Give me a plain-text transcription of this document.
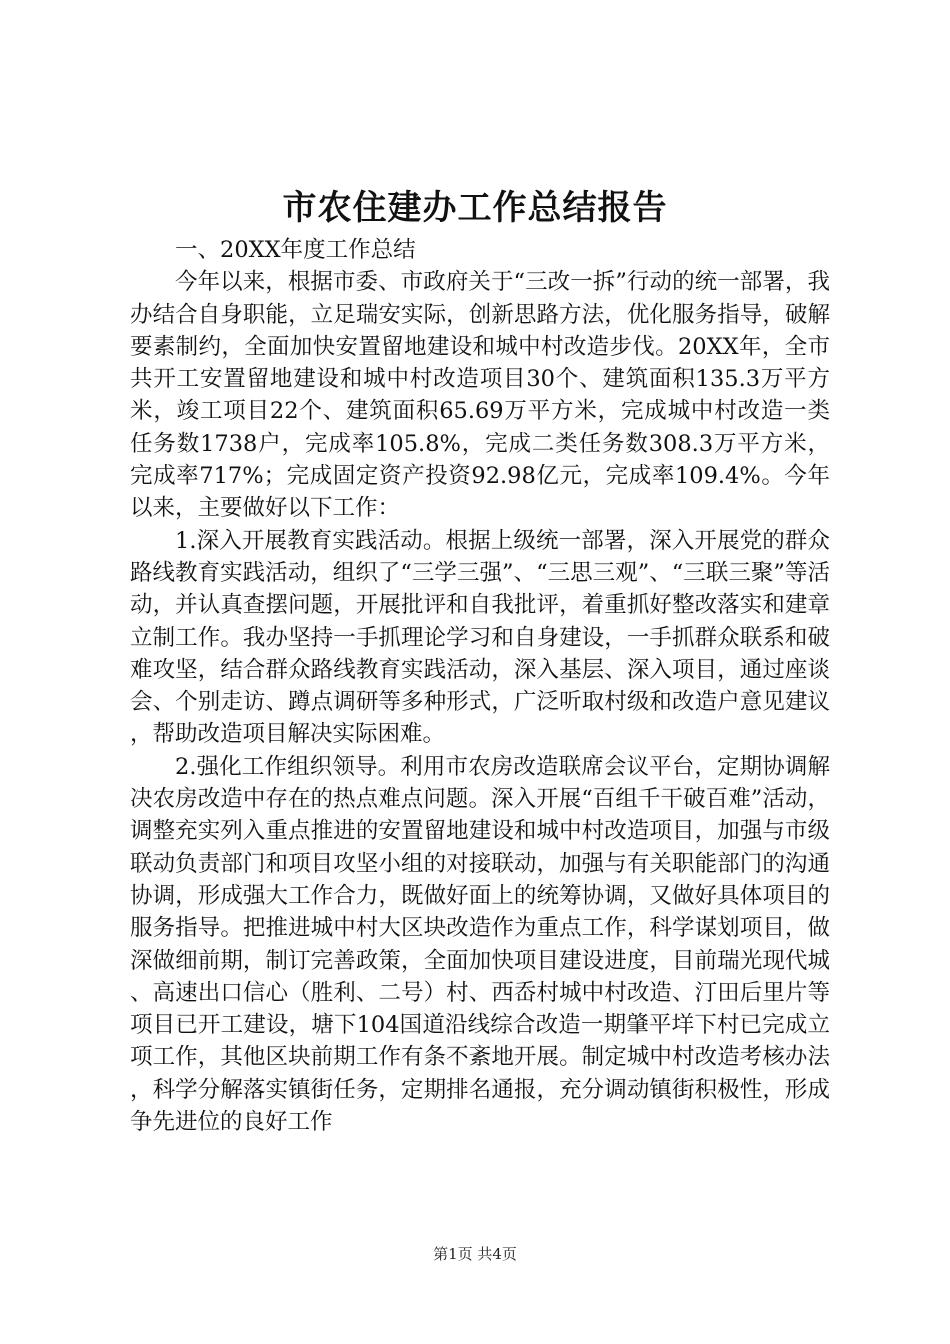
市农住建办工作总结报告

一、20XX年度工作总结

今年以来，根据市委、市政府关于“三改一拆”行动的统一部署，我办结合自身职能，立足瑞安实际，创新思路方法，优化服务指导，破解要素制约，全面加快安置留地建设和城中村改造步伐。20XX年，全市共开工安置留地建设和城中村改造项目30个、建筑面积135.3万平方米，竣工项目22个、建筑面积65.69万平方米，完成城中村改造一类任务数1738户，完成率105.8%，完成二类任务数308.3万平方米，完成率717%；完成固定资产投资92.98亿元，完成率109.4%。今年以来，主要做好以下工作：

1.深入开展教育实践活动。根据上级统一部署，深入开展党的群众路线教育实践活动，组织了“三学三强”、“三思三观”、“三联三聚”等活动，并认真查摆问题，开展批评和自我批评，着重抓好整改落实和建章立制工作。我办坚持一手抓理论学习和自身建设，一手抓群众联系和破难攻坚，结合群众路线教育实践活动，深入基层、深入项目，通过座谈会、个别走访、蹲点调研等多种形式，广泛听取村级和改造户意见建议，帮助改造项目解决实际困难。

2.强化工作组织领导。利用市农房改造联席会议平台，定期协调解决农房改造中存在的热点难点问题。深入开展“百组千干破百难”活动，调整充实列入重点推进的安置留地建设和城中村改造项目，加强与市级联动负责部门和项目攻坚小组的对接联动，加强与有关职能部门的沟通协调，形成强大工作合力，既做好面上的统筹协调，又做好具体项目的服务指导。把推进城中村大区块改造作为重点工作，科学谋划项目，做深做细前期，制订完善政策，全面加快项目建设进度，目前瑞光现代城、高速出口信心（胜利、二号）村、西岙村城中村改造、汀田后里片等项目已开工建设，塘下104国道沿线综合改造一期肇平垟下村已完成立项工作，其他区块前期工作有条不紊地开展。制定城中村改造考核办法，科学分解落实镇街任务，定期排名通报，充分调动镇街积极性，形成争先进位的良好工作

第1页 共4页
